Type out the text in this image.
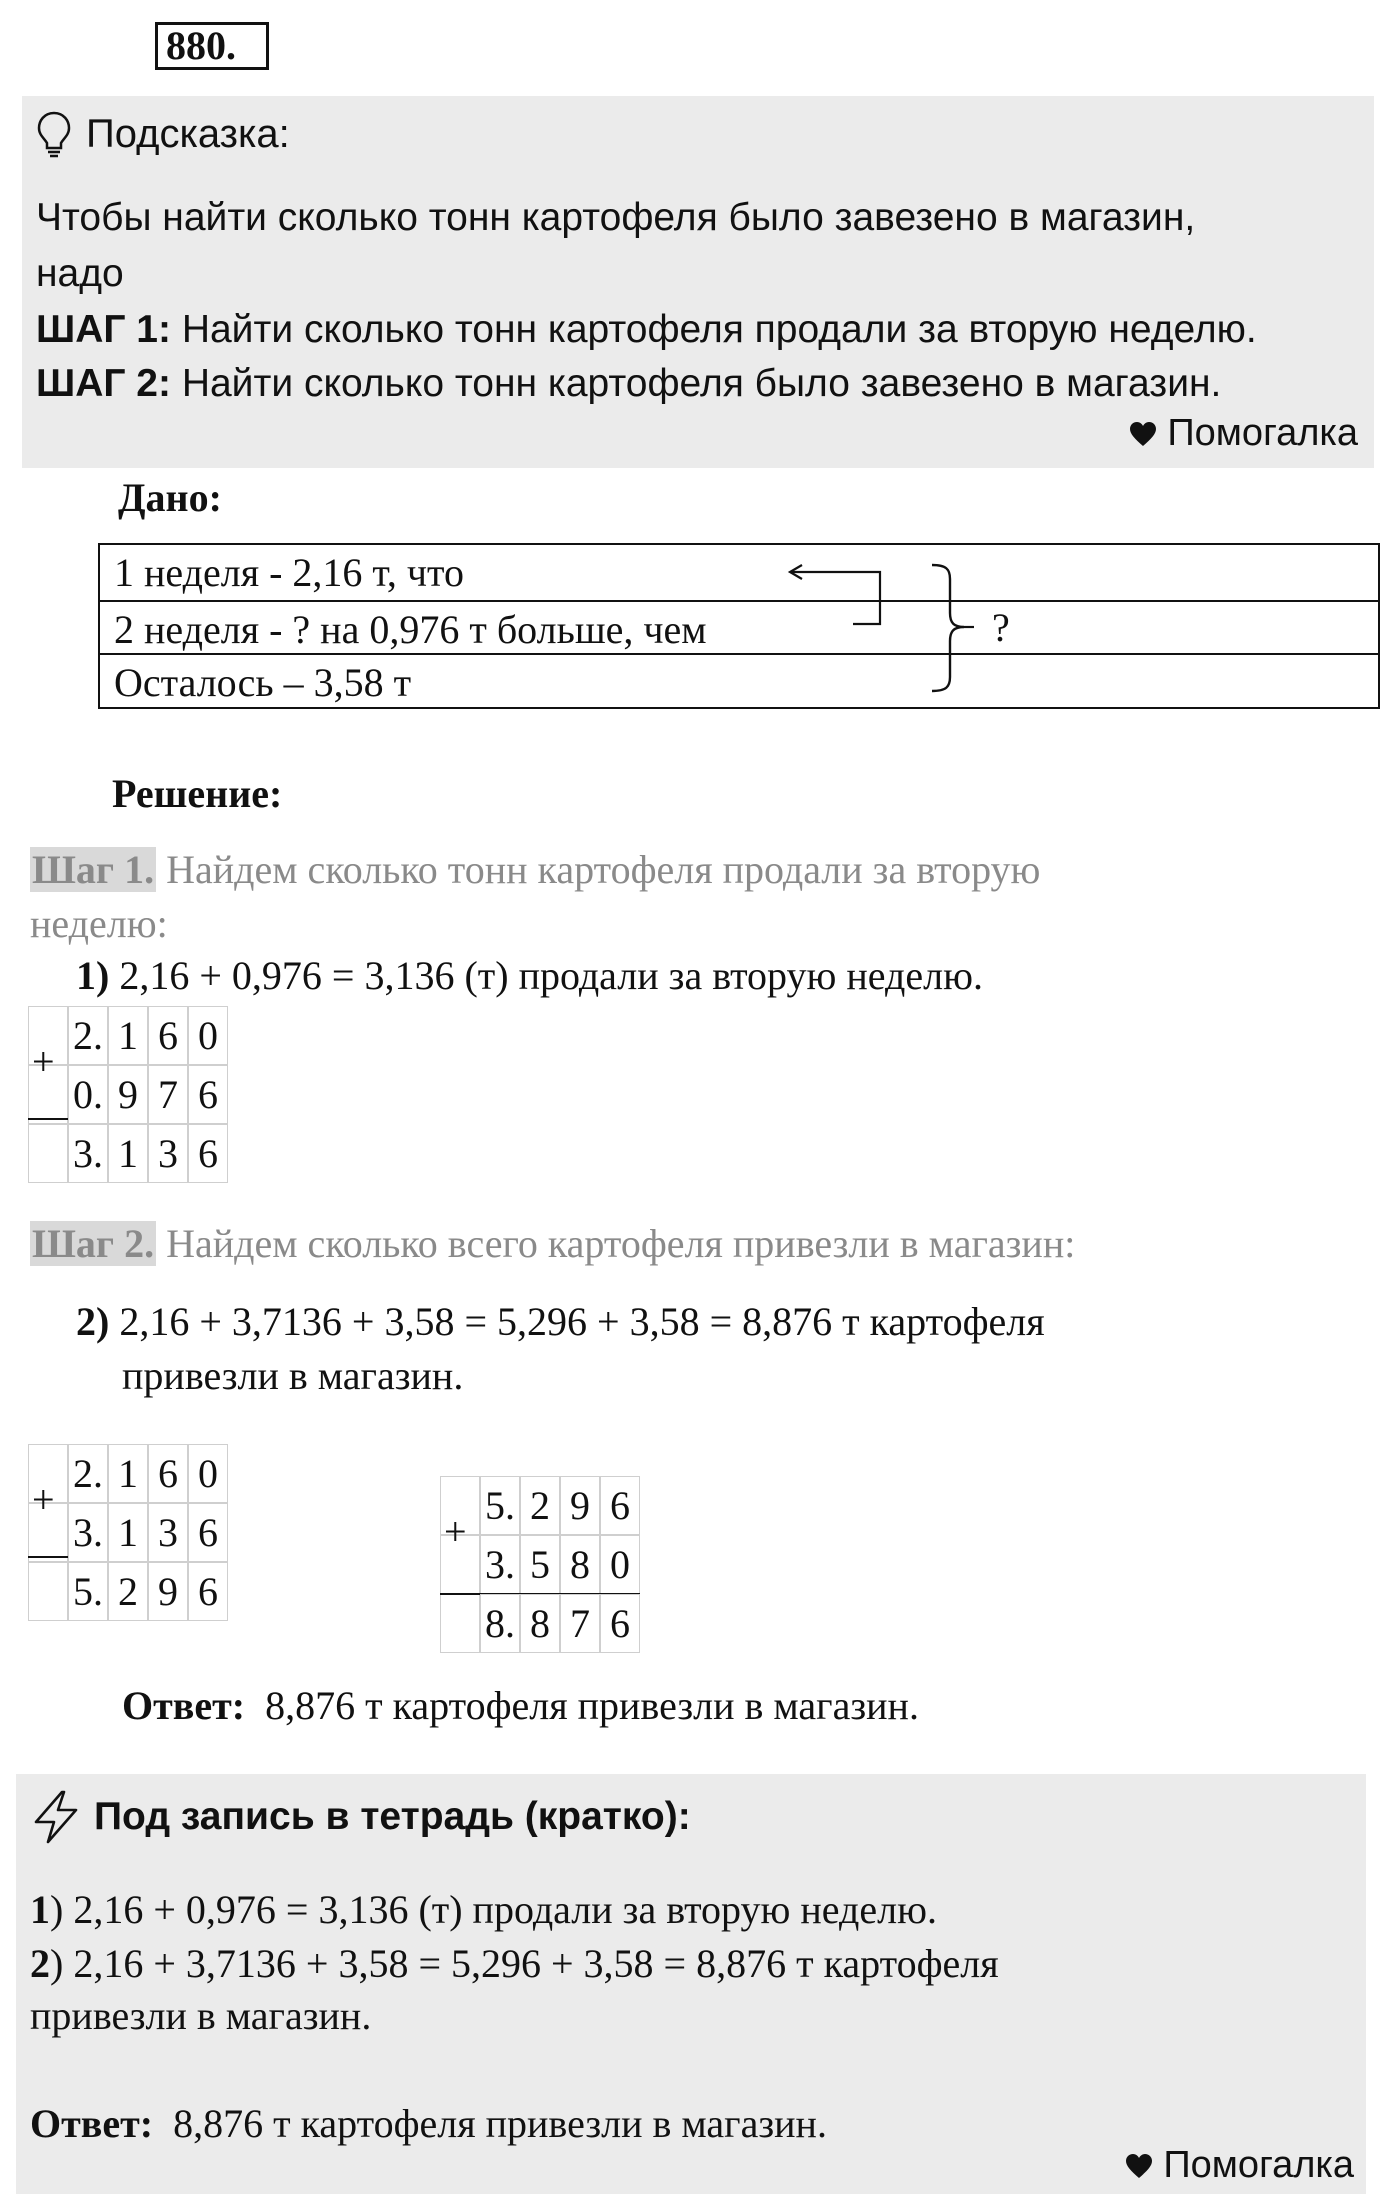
880.
Подсказка:
Чтобы найти сколько тонн картофеля было завезено в магазин,
надо
ШАГ 1: Найти сколько тонн картофеля продали за вторую неделю.
ШАГ 2: Найти сколько тонн картофеля было завезено в магазин.
Помогалка
Дано:
1 неделя - 2,16 т, что
2 неделя - ? на 0,976 т больше, чем
Осталось – 3,58 т
?
Решение:
Шаг 1. Найдем сколько тонн картофеля продали за вторую
неделю:
1) 2,16 + 0,976 = 3,136 (т) продали за вторую неделю.
+
2. 1 6 0
0. 9 7 6
3. 1 3 6
Шаг 2. Найдем сколько всего картофеля привезли в магазин:
2) 2,16 + 3,7136 + 3,58 = 5,296 + 3,58 = 8,876 т картофеля
привезли в магазин.
+
2. 1 6 0
3. 1 3 6
5. 2 9 6
+
5. 2 9 6
3. 5 8 0
8. 8 7 6
Ответ: 8,876 т картофеля привезли в магазин.
Под запись в тетрадь (кратко):
1) 2,16 + 0,976 = 3,136 (т) продали за вторую неделю.
2) 2,16 + 3,7136 + 3,58 = 5,296 + 3,58 = 8,876 т картофеля
привезли в магазин.
Ответ: 8,876 т картофеля привезли в магазин.
Помогалка
